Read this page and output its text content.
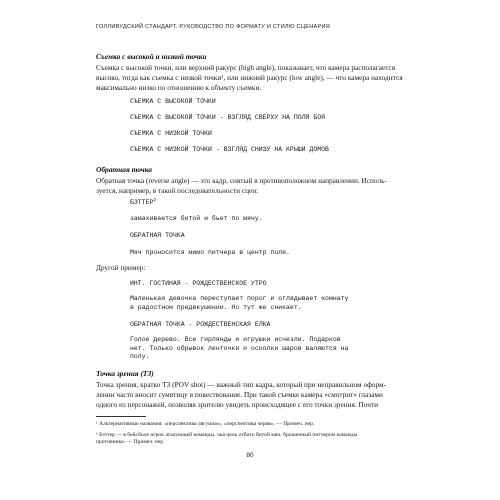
ГОЛЛИВУДСКИЙ СТАНДАРТ. РУКОВОДСТВО ПО ФОРМАТУ И СТИЛЮ СЦЕНАРИЯ
Съемка с высокой и низкой точки
Съемка с высокой точки, или верхний ракурс (high angle), показывает, что камера располагается
высоко, тогда как съемка с низкой точки¹, или нижний ракурс (low angle), — что камера находится
максимально низко по отношению к объекту съемки.
СЪЕМКА С ВЫСОКОЙ ТОЧКИ
СЪЕМКА С ВЫСОКОЙ ТОЧКИ - ВЗГЛЯД СВЕРХУ НА ПОЛЯ БОЯ
СЪЕМКА С НИЗКОЙ ТОЧКИ
СЪЕМКА С НИЗКОЙ ТОЧКИ - ВЗГЛЯД СНИЗУ НА КРЫШИ ДОМОВ
Обратная точка
Обратная точка (reverse angle) — это кадр, снятый в противоположном направлении. Исполь-
зуется, например, в такой последовательности сцен:
БЭТТЕР$^2$
замахивается битой и бьет по мячу.
ОБРАТНАЯ ТОЧКА
Мяч проносится мимо питчера в центр поля.
Другой пример:
ИНТ. ГОСТИНАЯ - РОЖДЕСТВЕНСКОЕ УТРО
Маленькая девочка переступает порог и оглядывает комнату
в радостном предвкушении. Но тут же сникает.
ОБРАТНАЯ ТОЧКА - РОЖДЕСТВЕНСКАЯ ЕЛКА
Голое дерево. Все гирлянды и игрушки исчезли. Подарков
нет. Только обрывок ленточки и осколки шаров валяются на
полу.
Точка зрения (ТЗ)
Точка зрения, кратко ТЗ (POV shot) — важный тип кадра, который при неправильном оформ-
лении часто вносит сумятицу в повествование. При такой съемке камера «смотрит» глазами
одного из персонажей, позволяя зрителю увидеть происходящее с его точки зрения. Почти
¹ Альтернативные названия: «перспектива лягушки», «перспектива червя». — Примеч. пер.
² Бэттер — в бейсболе игрок атакующей команды, чья цель отбить битой мяч, брошенный питчером команды
противника. — Примеч. пер.
80
